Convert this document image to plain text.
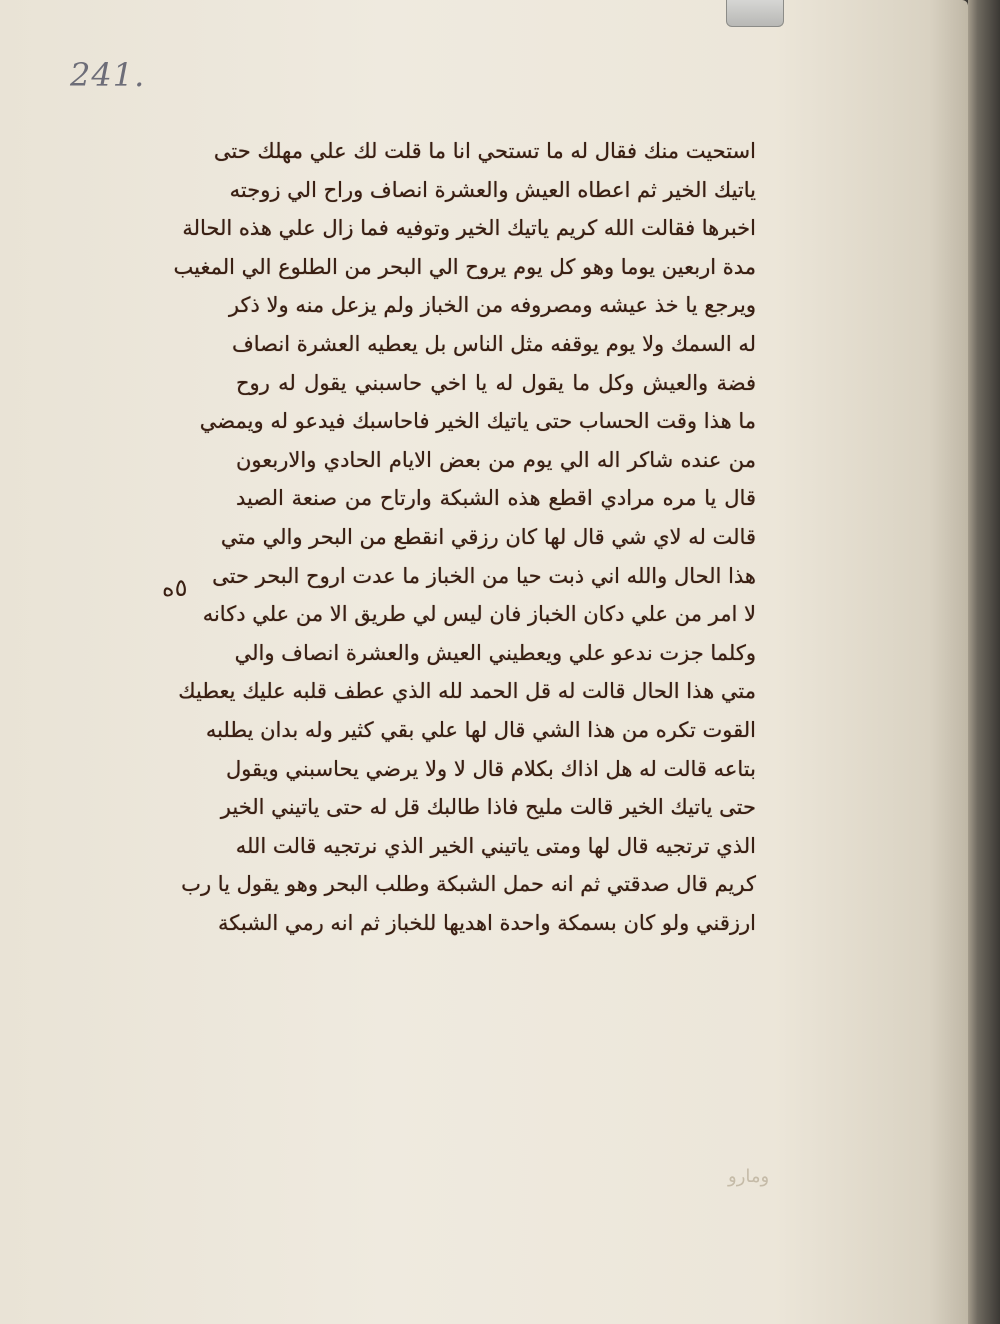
241.
استحيت منك فقال له ما تستحي انا ما قلت لك علي مهلك حتى
ياتيك الخير ثم اعطاه العيش والعشرة انصاف وراح الي زوجته
اخبرها فقالت الله كريم ياتيك الخير وتوفيه فما زال علي هذه الحالة
مدة اربعين يوما وهو كل يوم يروح الي البحر من الطلوع الي المغيب
ويرجع يا خذ عيشه ومصروفه من الخباز ولم يزعل منه ولا ذكر
له السمك ولا يوم يوقفه مثل الناس بل يعطيه العشرة انصاف
فضة والعيش وكل ما يقول له يا اخي حاسبني يقول له روح
ما هذا وقت الحساب حتى ياتيك الخير فاحاسبك فيدعو له ويمضي
من عنده شاكر اله الي يوم من بعض الايام الحادي والاربعون
قال يا مره مرادي اقطع هذه الشبكة وارتاح من صنعة الصيد
قالت له لاي شي قال لها كان رزقي انقطع من البحر والي متي
هذا الحال والله اني ذبت حيا من الخباز ما عدت اروح البحر حتى
لا امر من علي دكان الخباز فان ليس لي طريق الا من علي دكانه
وكلما جزت ندعو علي ويعطيني العيش والعشرة انصاف والي
متي هذا الحال قالت له قل الحمد لله الذي عطف قلبه عليك يعطيك
القوت تكره من هذا الشي قال لها علي بقي كثير وله بدان يطلبه
بتاعه قالت له هل اذاك بكلام قال لا ولا يرضي يحاسبني ويقول
حتى ياتيك الخير قالت مليح فاذا طالبك قل له حتى ياتيني الخير
الذي ترتجيه قال لها ومتى ياتيني الخير الذي نرتجيه قالت الله
كريم قال صدقتي ثم انه حمل الشبكة وطلب البحر وهو يقول يا رب
ارزقني ولو كان بسمكة واحدة اهديها للخباز ثم انه رمي الشبكة
٥ه
ومارو
